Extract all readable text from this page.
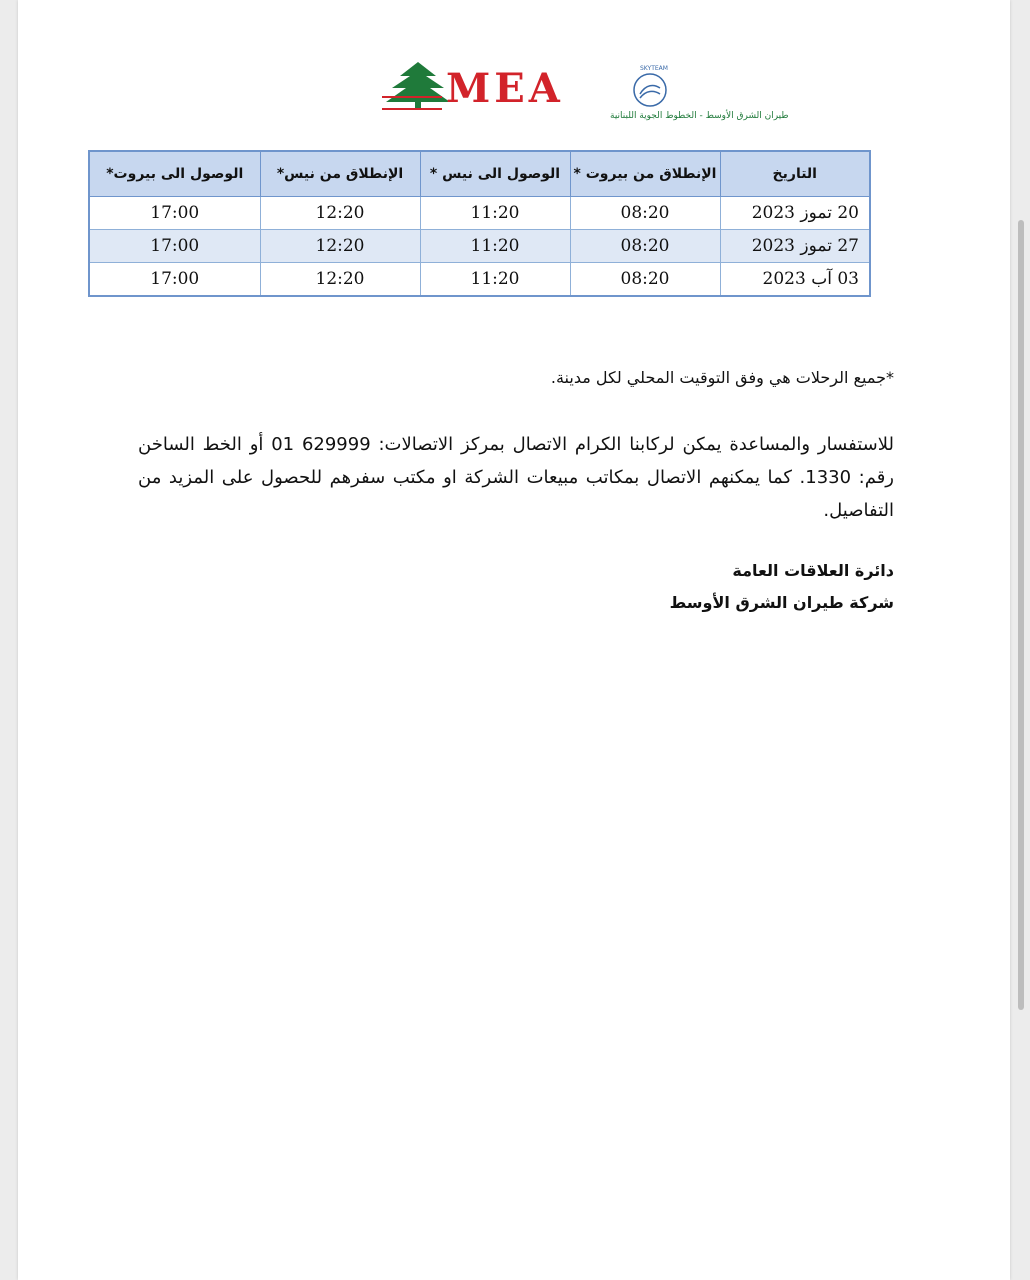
MEA
طيران الشرق الأوسط - الخطوط الجوية اللبنانية
SKYTEAM
التاريخ	الإنطلاق من بيروت *	الوصول الى نيس *	الإنطلاق من نيس*	الوصول الى بيروت*
20 تموز 2023	08:20	11:20	12:20	17:00
27 تموز 2023	08:20	11:20	12:20	17:00
03 آب 2023	08:20	11:20	12:20	17:00
*جميع الرحلات هي وفق التوقيت المحلي لكل مدينة.
للاستفسار والمساعدة يمكن لركابنا الكرام الاتصال بمركز الاتصالات: 629999 01 أو الخط الساخن رقم: 1330. كما يمكنهم الاتصال بمكاتب مبيعات الشركة او مكتب سفرهم للحصول على المزيد من التفاصيل.
دائرة العلاقات العامة
شركة طيران الشرق الأوسط
